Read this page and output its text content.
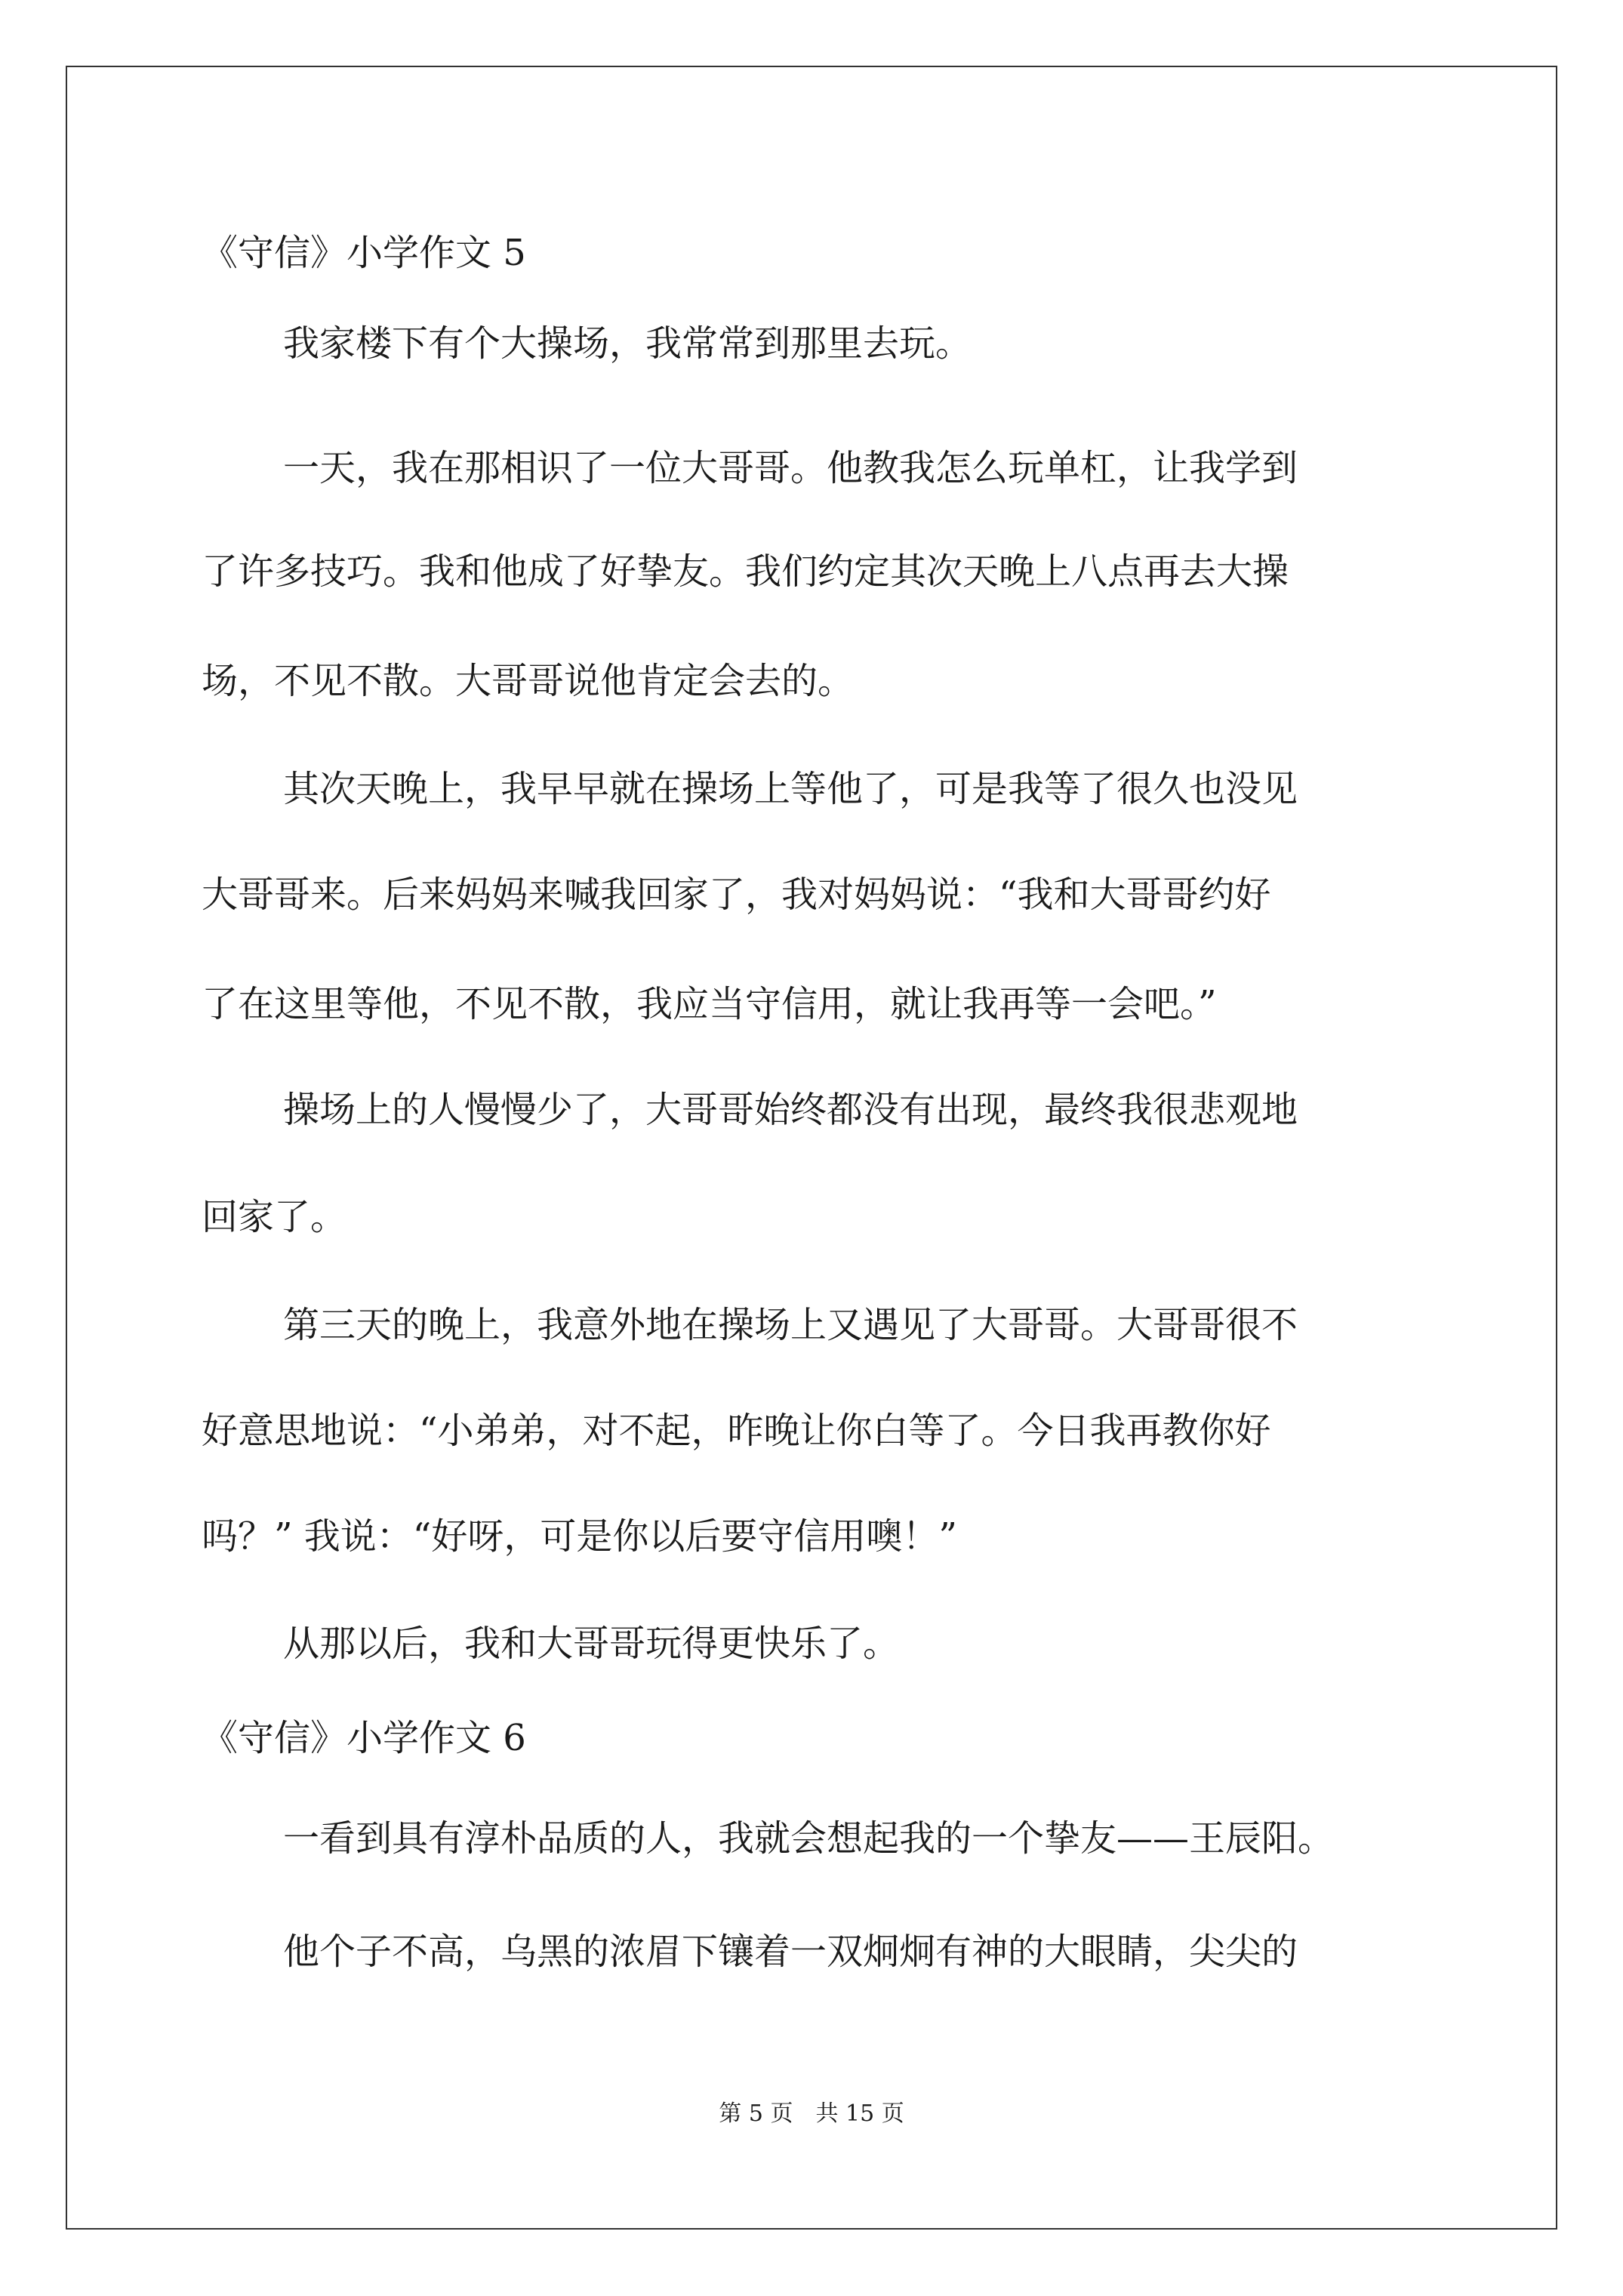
《守信》小学作文 5
我家楼下有个大操场，我常常到那里去玩。
一天，我在那相识了一位大哥哥。他教我怎么玩单杠，让我学到
了许多技巧。我和他成了好挚友。我们约定其次天晚上八点再去大操
场，不见不散。大哥哥说他肯定会去的。
其次天晚上，我早早就在操场上等他了，可是我等了很久也没见
大哥哥来。后来妈妈来喊我回家了，我对妈妈说：“我和大哥哥约好
了在这里等他，不见不散，我应当守信用，就让我再等一会吧。”
操场上的人慢慢少了，大哥哥始终都没有出现，最终我很悲观地
回家了。
第三天的晚上，我意外地在操场上又遇见了大哥哥。大哥哥很不
好意思地说：“小弟弟，对不起，昨晚让你白等了。今日我再教你好
吗？” 我说：“好呀，可是你以后要守信用噢！”
从那以后，我和大哥哥玩得更快乐了。
《守信》小学作文 6
一看到具有淳朴品质的人，我就会想起我的一个挚友——王辰阳。
他个子不高，乌黑的浓眉下镶着一双炯炯有神的大眼睛，尖尖的
第 5 页　共 15 页
